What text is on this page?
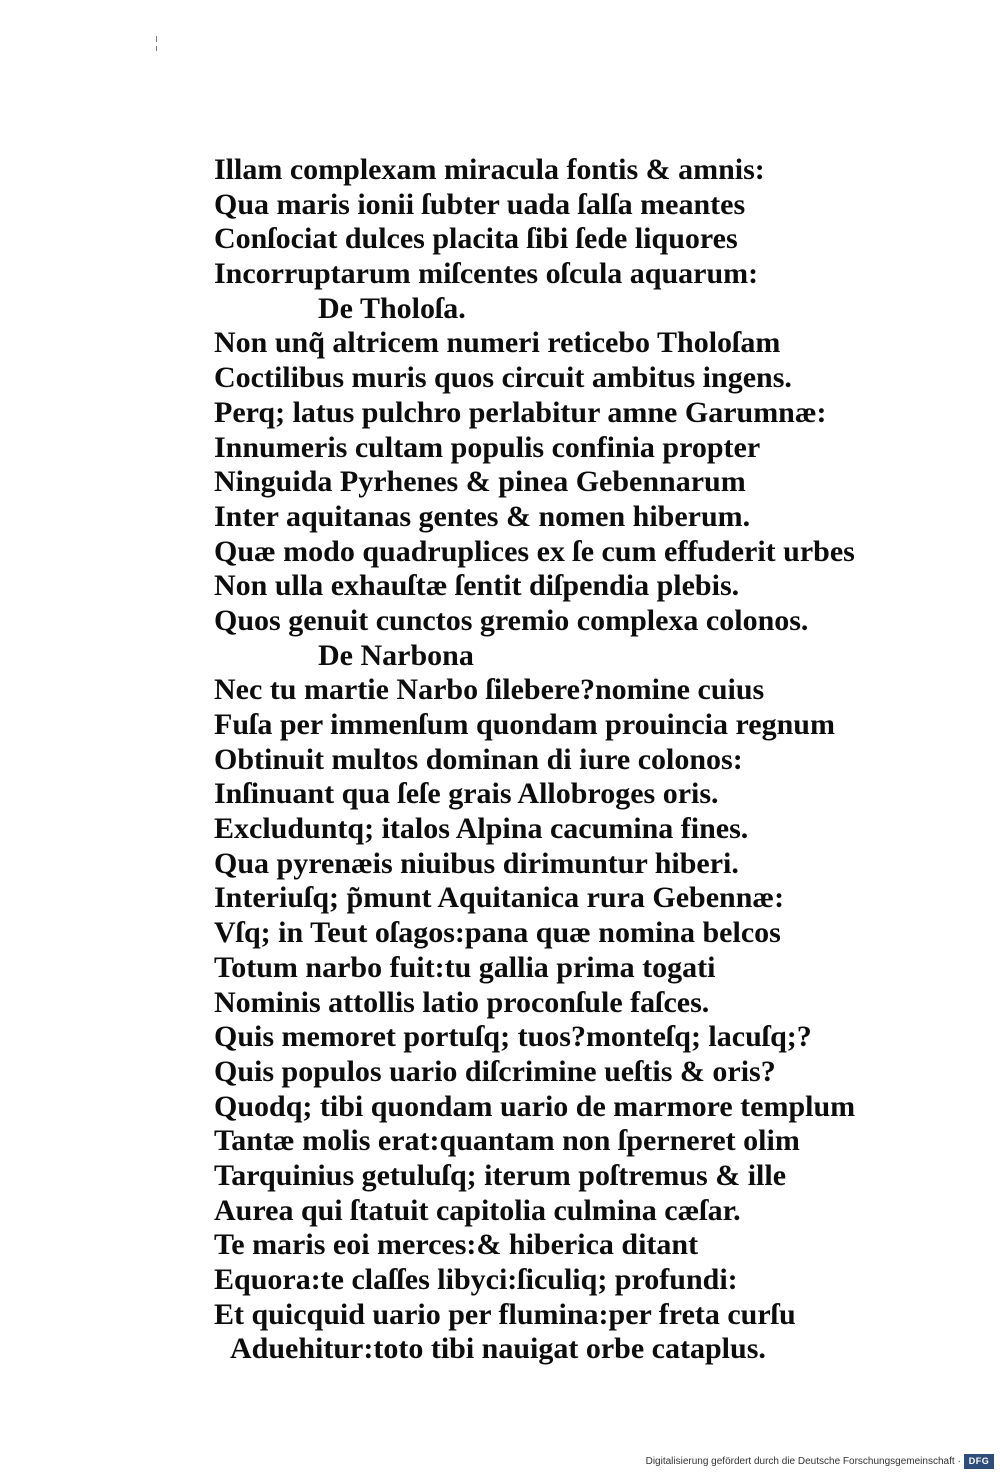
Illam complexam miracula fontis & amnis:
Qua maris ionii ſubter uada ſalſa meantes
Conſociat dulces placita ſibi ſede liquores
Incorruptarum miſcentes oſcula aquarum:
De Tholoſa.
Non unq̃ altricem numeri reticebo Tholoſam
Coctilibus muris quos circuit ambitus ingens.
Perq; latus pulchro perlabitur amne Garumnæ:
Innumeris cultam populis confinia propter
Ninguida Pyrhenes & pinea Gebennarum
Inter aquitanas gentes & nomen hiberum.
Quæ modo quadruplices ex ſe cum effuderit urbes
Non ulla exhauſtæ ſentit diſpendia plebis.
Quos genuit cunctos gremio complexa colonos.
De Narbona
Nec tu martie Narbo ſilebere?nomine cuius
Fuſa per immenſum quondam prouincia regnum
Obtinuit multos dominan di iure colonos:
Inſinuant qua ſeſe grais Allobroges oris.
Excluduntq; italos Alpina cacumina fines.
Qua pyrenæis niuibus dirimuntur hiberi.
Interiuſq; p̃munt Aquitanica rura Gebennæ:
Vſq; in Teut oſagos:pana quæ nomina belcos
Totum narbo fuit:tu gallia prima togati
Nominis attollis latio proconſule faſces.
Quis memoret portuſq; tuos?monteſq; lacuſq;?
Quis populos uario diſcrimine ueſtis & oris?
Quodq; tibi quondam uario de marmore templum
Tantæ molis erat:quantam non ſperneret olim
Tarquinius getuluſq; iterum poſtremus & ille
Aurea qui ſtatuit capitolia culmina cæſar.
Te maris eoi merces:& hiberica ditant
Equora:te claſſes libyci:ſiculiq; profundi:
Et quicquid uario per flumina:per freta curſu
Aduehitur:toto tibi nauigat orbe cataplus.
Digitalisierung gefördert durch die Deutsche Forschungsgemeinschaft · DFG
